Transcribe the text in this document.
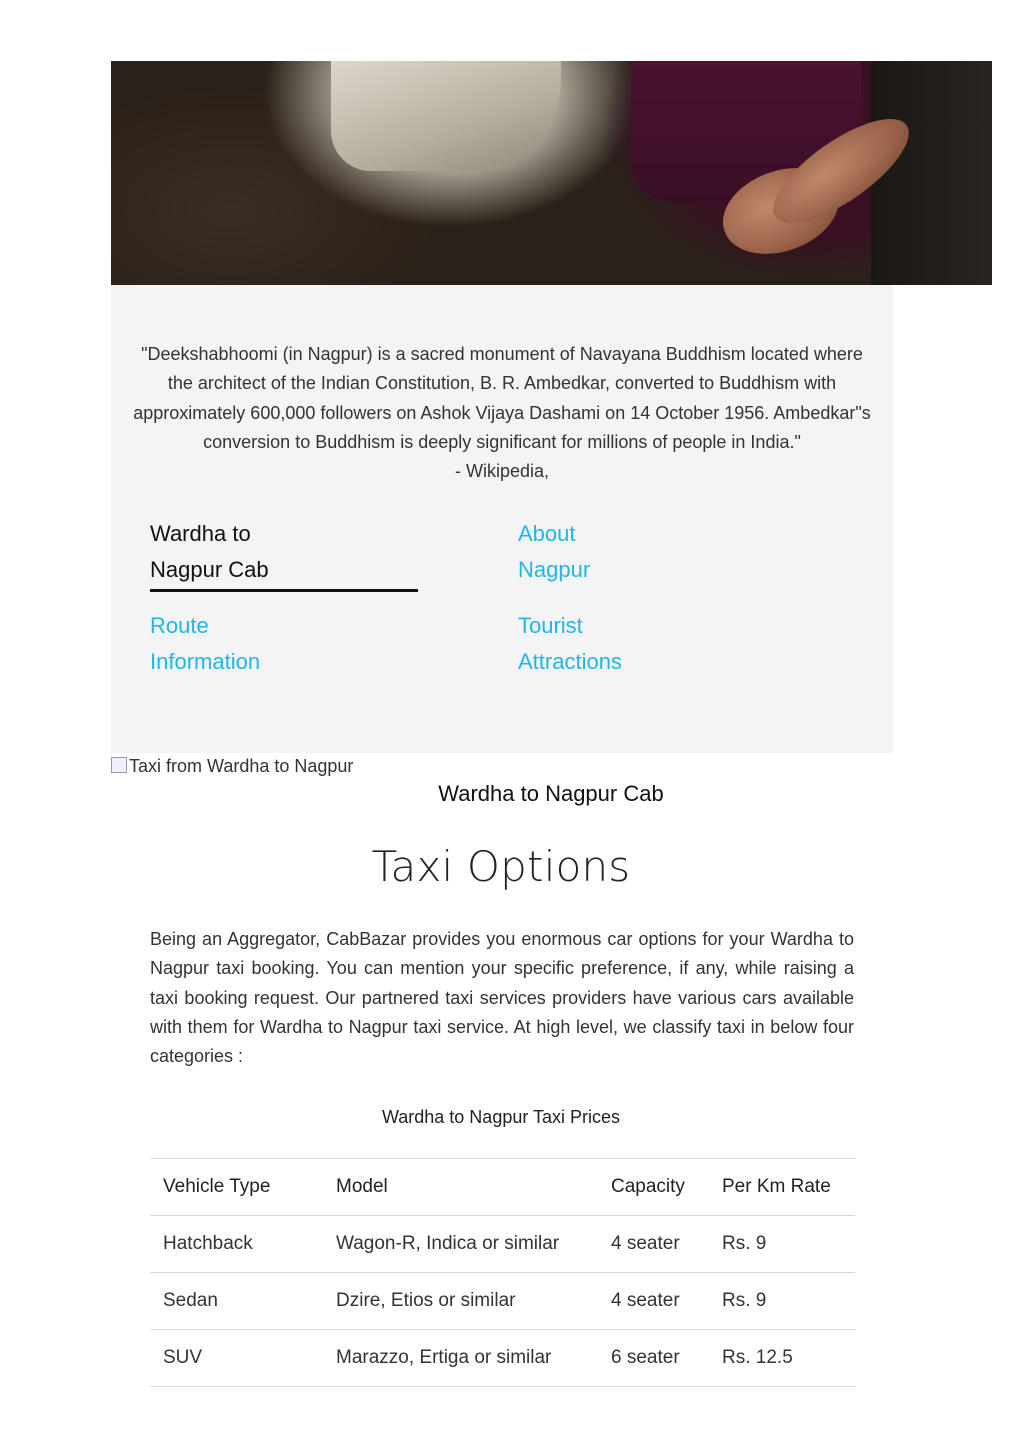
"Deekshabhoomi (in Nagpur) is a sacred monument of Navayana Buddhism located where the architect of the Indian Constitution, B. R. Ambedkar, converted to Buddhism with approximately 600,000 followers on Ashok Vijaya Dashami on 14 October 1956. Ambedkar"s conversion to Buddhism is deeply significant for millions of people in India."
- Wikipedia,
Wardha to
Nagpur Cab
About
Nagpur
Route
Information
Tourist
Attractions
Taxi from Wardha to Nagpur
Wardha to Nagpur Cab
Taxi Options

Being an Aggregator, CabBazar provides you enormous car options for your Wardha to Nagpur taxi booking. You can mention your specific preference, if any, while raising a taxi booking request. Our partnered taxi services providers have various cars available with them for Wardha to Nagpur taxi service. At high level, we classify taxi in below four categories :

Wardha to Nagpur Taxi Prices
Vehicle Type	Model	Capacity	Per Km Rate
Hatchback	Wagon-R, Indica or similar	4 seater	Rs. 9
Sedan	Dzire, Etios or similar	4 seater	Rs. 9
SUV	Marazzo, Ertiga or similar	6 seater	Rs. 12.5
